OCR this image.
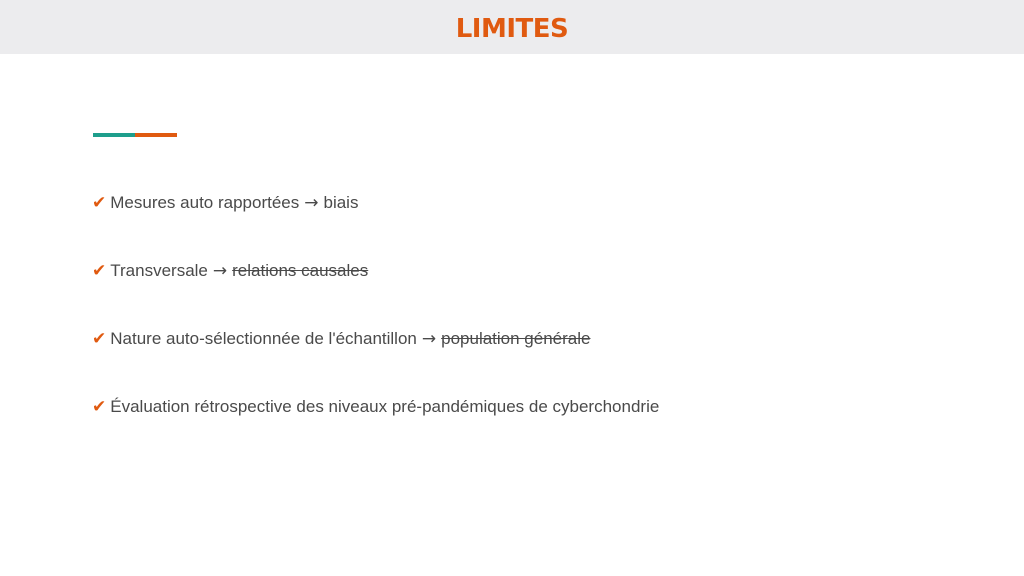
LIMITES
✔ Mesures auto rapportées → biais
✔ Transversale → relations causales
✔ Nature auto-sélectionnée de l'échantillon → population générale
✔ Évaluation rétrospective des niveaux pré-pandémiques de cyberchondrie
